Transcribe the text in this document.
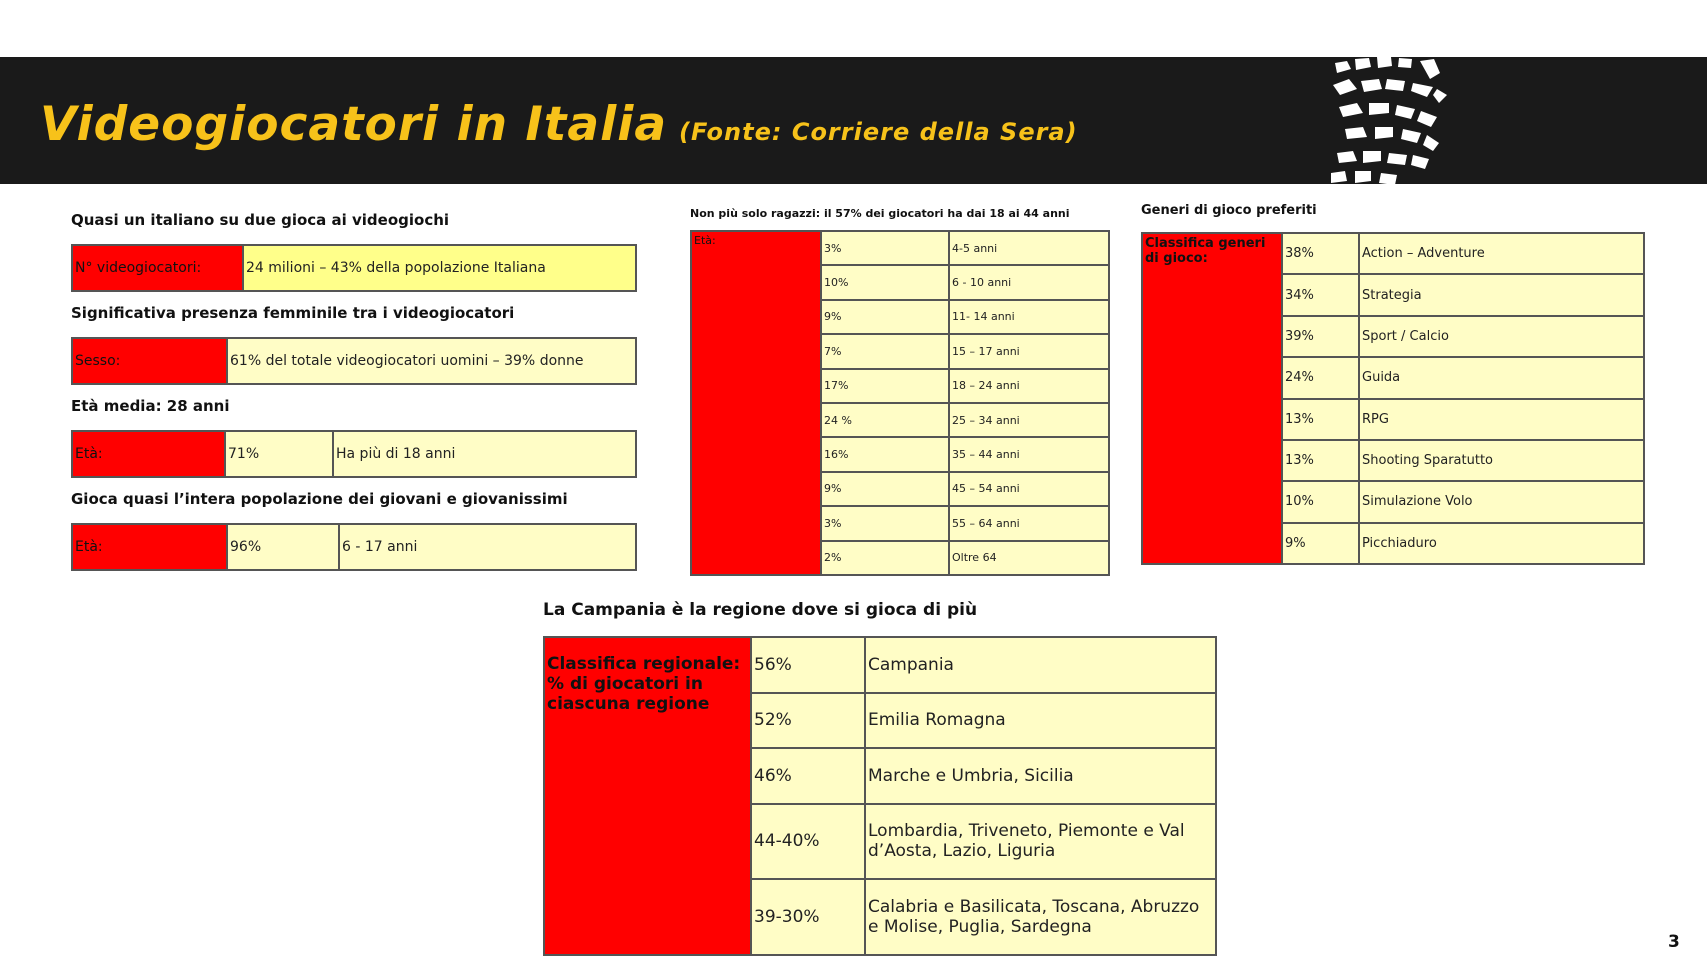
Videogiocatori in Italia (Fonte: Corriere della Sera)
Quasi un italiano su due gioca ai videogiochi
N° videogiocatori:	24 milioni – 43% della popolazione Italiana
Significativa presenza femminile tra i videogiocatori
Sesso:	61% del totale videogiocatori uomini – 39% donne
Età media: 28 anni
Età:	71%	Ha più di 18 anni
Gioca quasi l’intera popolazione dei giovani e giovanissimi
Età:	96%	6 - 17 anni
Non più solo ragazzi: il 57% dei giocatori ha dai 18 ai 44 anni
Età:	3%	4-5 anni
	10%	6 - 10 anni
	9%	11- 14 anni
	7%	15 – 17 anni
	17%	18 – 24 anni
	24 %	25 – 34 anni
	16%	35 – 44 anni
	9%	45 – 54 anni
	3%	55 – 64 anni
	2%	Oltre 64
Generi di gioco preferiti
Classifica generi di gioco:	38%	Action – Adventure
	34%	Strategia
	39%	Sport / Calcio
	24%	Guida
	13%	RPG
	13%	Shooting Sparatutto
	10%	Simulazione Volo
	9%	Picchiaduro
La Campania è la regione dove si gioca di più
Classifica regionale: % di giocatori in ciascuna regione	56%	Campania
	52%	Emilia Romagna
	46%	Marche e Umbria, Sicilia
	44-40%	Lombardia, Triveneto, Piemonte e Val d’Aosta, Lazio, Liguria
	39-30%	Calabria e Basilicata, Toscana, Abruzzo e Molise, Puglia, Sardegna
3
